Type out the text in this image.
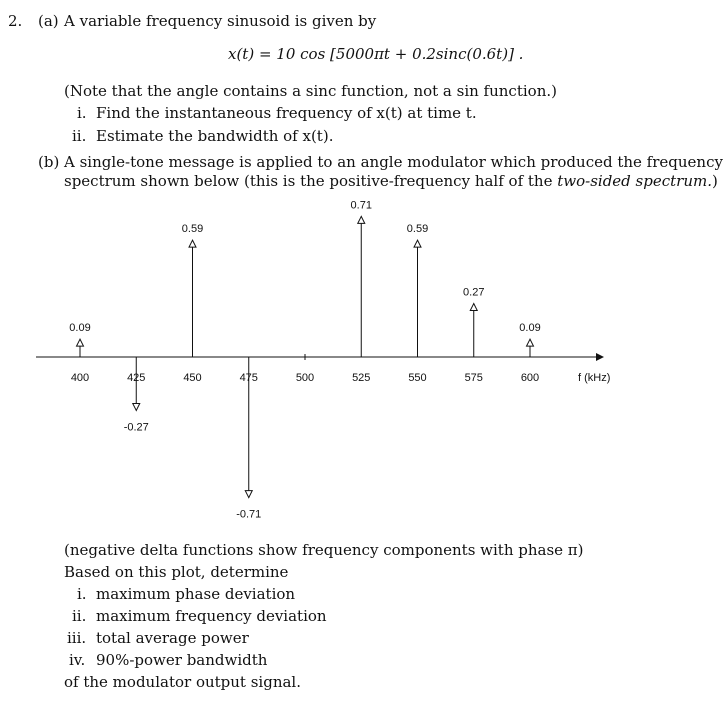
2. (a) A variable frequency sinusoid is given by
x(t) = 10 cos [5000πt + 0.2sinc(0.6t)] .
(Note that the angle contains a sinc function, not a sin function.)
i. Find the instantaneous frequency of x(t) at time t.
ii. Estimate the bandwidth of x(t).
(b) A single-tone message is applied to an angle modulator which produced the frequency
spectrum shown below (this is the positive-frequency half of the two-sided spectrum.)
f (kHz)
400
0.09
425
-0.27
450
0.59
475
-0.71
500	525
0.71
550
0.59
575
0.27
600
0.09
(negative delta functions show frequency components with phase π)
Based on this plot, determine
i. maximum phase deviation
ii. maximum frequency deviation
iii. total average power
iv. 90%-power bandwidth
of the modulator output signal.
